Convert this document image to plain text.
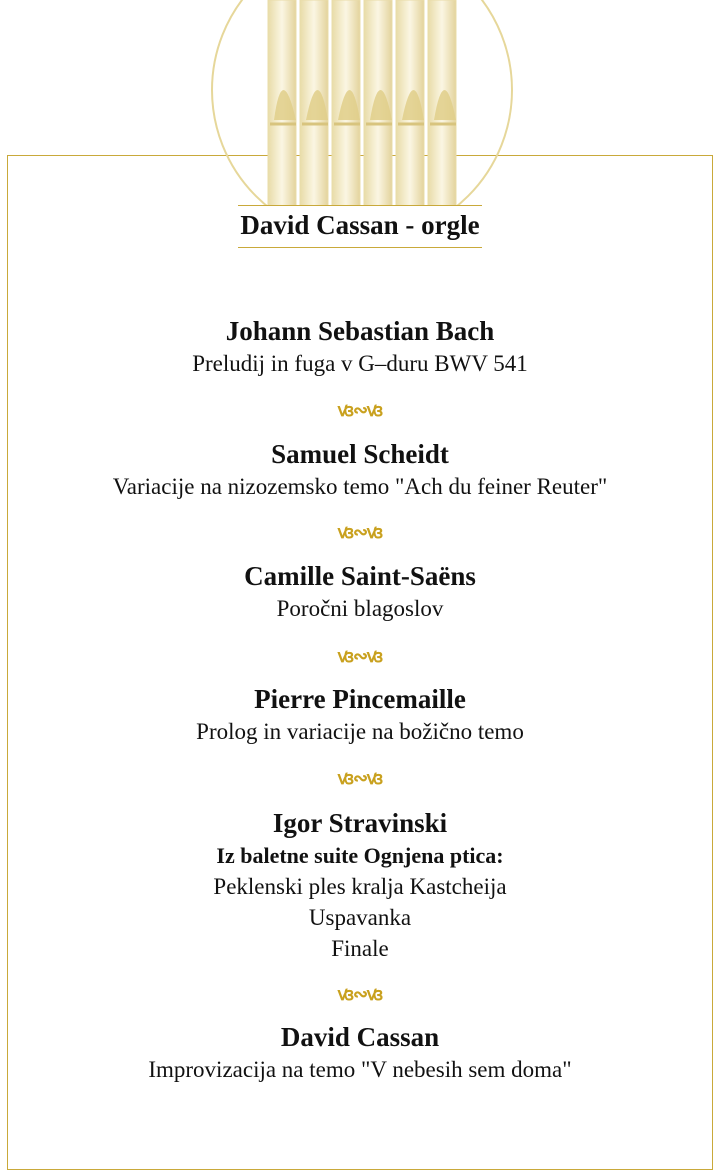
David Cassan - orgle
Johann Sebastian Bach
Preludij in fuga v G–duru BWV 541
ꟃ∾ꟃ
Samuel Scheidt
Variacije na nizozemsko temo "Ach du feiner Reuter"
ꟃ∾ꟃ
Camille Saint-Saëns
Poročni blagoslov
ꟃ∾ꟃ
Pierre Pincemaille
Prolog in variacije na božično temo
ꟃ∾ꟃ
Igor Stravinski
Iz baletne suite Ognjena ptica:
Peklenski ples kralja Kastcheija
Uspavanka
Finale
ꟃ∾ꟃ
David Cassan
Improvizacija na temo "V nebesih sem doma"
